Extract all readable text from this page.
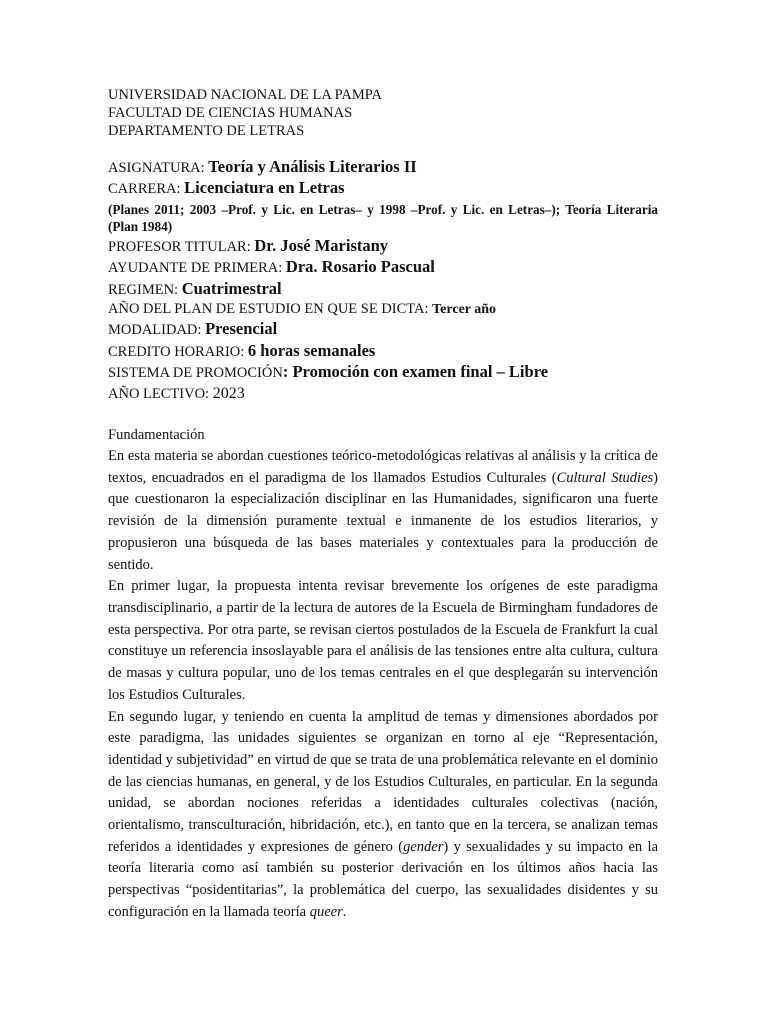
UNIVERSIDAD NACIONAL DE LA PAMPA
FACULTAD DE CIENCIAS HUMANAS
DEPARTAMENTO DE LETRAS
ASIGNATURA: Teoría y Análisis Literarios II
CARRERA: Licenciatura en Letras
(Planes 2011; 2003 –Prof. y Lic. en Letras– y 1998 –Prof. y Lic. en Letras–); Teoría Literaria (Plan 1984)
PROFESOR TITULAR: Dr. José Maristany
AYUDANTE DE PRIMERA: Dra. Rosario Pascual
REGIMEN: Cuatrimestral
AÑO DEL PLAN DE ESTUDIO EN QUE SE DICTA: Tercer año
MODALIDAD: Presencial
CREDITO HORARIO: 6 horas semanales
SISTEMA DE PROMOCIÓN: Promoción con examen final – Libre
AÑO LECTIVO: 2023
Fundamentación

En esta materia se abordan cuestiones teórico-metodológicas relativas al análisis y la crítica de textos, encuadrados en el paradigma de los llamados Estudios Culturales (Cultural Studies) que cuestionaron la especialización disciplinar en las Humanidades, significaron una fuerte revisión de la dimensión puramente textual e inmanente de los estudios literarios, y propusieron una búsqueda de las bases materiales y contextuales para la producción de sentido.

En primer lugar, la propuesta intenta revisar brevemente los orígenes de este paradigma transdisciplinario, a partir de la lectura de autores de la Escuela de Birmingham fundadores de esta perspectiva. Por otra parte, se revisan ciertos postulados de la Escuela de Frankfurt la cual constituye un referencia insoslayable para el análisis de las tensiones entre alta cultura, cultura de masas y cultura popular, uno de los temas centrales en el que desplegarán su intervención los Estudios Culturales.

En segundo lugar, y teniendo en cuenta la amplitud de temas y dimensiones abordados por este paradigma, las unidades siguientes se organizan en torno al eje “Representación, identidad y subjetividad” en virtud de que se trata de una problemática relevante en el dominio de las ciencias humanas, en general, y de los Estudios Culturales, en particular. En la segunda unidad, se abordan nociones referidas a identidades culturales colectivas (nación, orientalismo, transculturación, hibridación, etc.), en tanto que en la tercera, se analizan temas referidos a identidades y expresiones de género (gender) y sexualidades y su impacto en la teoría literaria como así también su posterior derivación en los últimos años hacia las perspectivas “posidentitarias”, la problemática del cuerpo, las sexualidades disidentes y su configuración en la llamada teoría queer.
